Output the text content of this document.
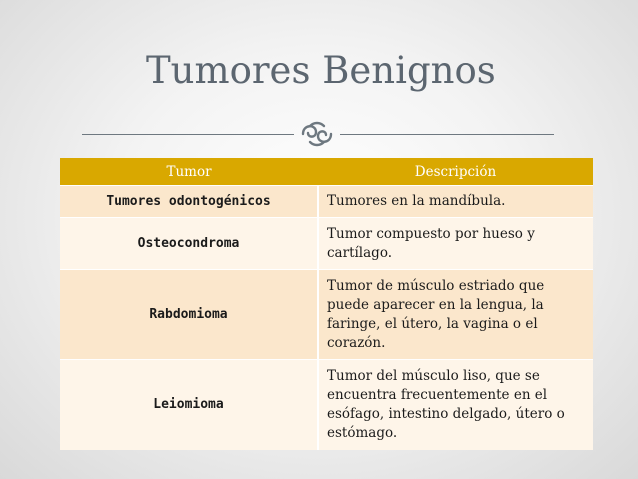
Tumores Benignos
Tumor	Descripción
Tumores odontogénicos	Tumores en la mandíbula.
Osteocondroma	Tumor compuesto por hueso y cartílago.
Rabdomioma	Tumor de músculo estriado que puede aparecer en la lengua, la faringe, el útero, la vagina o el corazón.
Leiomioma	Tumor del músculo liso, que se encuentra frecuentemente en el esófago, intestino delgado, útero o estómago.
